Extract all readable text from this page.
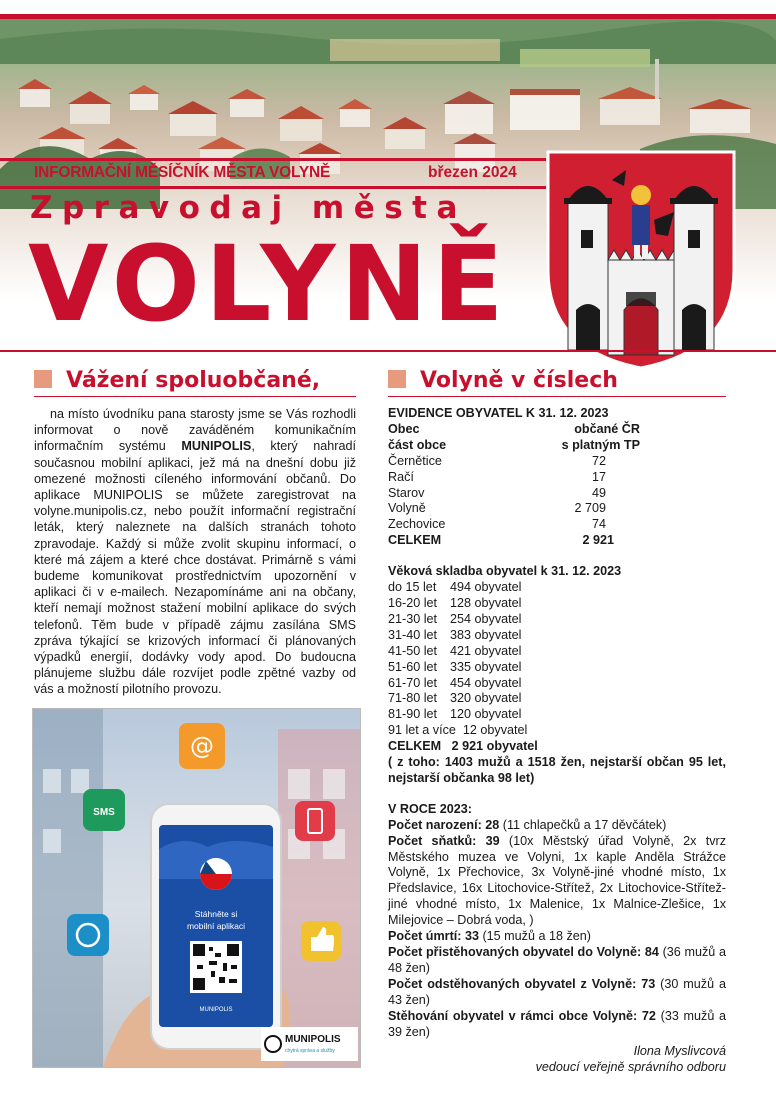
INFORMAČNÍ MĚSÍČNÍK MĚSTA VOLYNĚ	březen 2024
Zpravodaj města
VOLYNĚ
Vážení spoluobčané,

na místo úvodníku pana starosty jsme se Vás rozhodli informovat o nově zaváděném komunikačním informačním systému MUNIPOLIS, který nahradí současnou mobilní aplikaci, jež má na dnešní dobu již omezené možnosti cíleného informování občanů. Do aplikace MUNIPOLIS se můžete zaregistrovat na volyne.munipolis.cz, nebo použít informační registrační leták, který naleznete na dalších stranách tohoto zpravodaje. Každý si může zvolit skupinu informací, o které má zájem a které chce dostávat. Primárně s vámi budeme komunikovat prostřednictvím upozornění v aplikaci či v e-mailech. Nezapomínáme ani na občany, kteří nemají možnost stažení mobilní aplikace do svých telefonů. Těm bude v případě zájmu zasílána SMS zpráva týkající se krizových informací či plánovaných výpadků energií, dodávky vody apod. Do budoucna plánujeme službu dále rozvíjet podle zpětné vazby od vás a možností pilotního provozu.

Stáhněte si
mobilní aplikaci
MUNIPOLIS
@
SMS
MUNIPOLIS
chytrá správa a služby
Volyně v číslech
EVIDENCE OBYVATEL K 31. 12. 2023
Obec	občané ČR
část obce	s platným TP
Černětice	72
Račí	17
Starov	49
Volyně	2 709
Zechovice	74
CELKEM	2 921
Věková skladba obyvatel k 31. 12. 2023
do 15 let	494 obyvatel
16-20 let	128 obyvatel
21-30 let	254 obyvatel
31-40 let	383 obyvatel
41-50 let	421 obyvatel
51-60 let	335 obyvatel
61-70 let	454 obyvatel
71-80 let	320 obyvatel
81-90 let	120 obyvatel
91 let a více  12 obyvatel
CELKEM   2 921 obyvatel
( z toho: 1403 mužů a 1518 žen, nejstarší občan 95 let, nejstarší občanka 98 let)
V ROCE 2023:
Počet narození: 28 (11 chlapečků a 17 děvčátek)
Počet sňatků: 39 (10x Městský úřad Volyně, 2x tvrz Městského muzea ve Volyni, 1x kaple Anděla Strážce Volyně, 1x Přechovice, 3x Volyně-jiné vhodné místo, 1x Předslavice, 16x Litochovice-Střítež, 2x Litochovice-Střítež-jiné vhodné místo, 1x Malenice, 1x Malnice-Zlešice, 1x Milejovice – Dobrá voda, )
Počet úmrtí: 33 (15 mužů a 18 žen)
Počet přistěhovaných obyvatel do Volyně: 84 (36 mužů a 48 žen)
Počet odstěhovaných obyvatel z Volyně: 73 (30 mužů a 43 žen)
Stěhování obyvatel v rámci obce Volyně: 72 (33 mužů a 39 žen)
Ilona Myslivcová
vedoucí veřejně správního odboru
